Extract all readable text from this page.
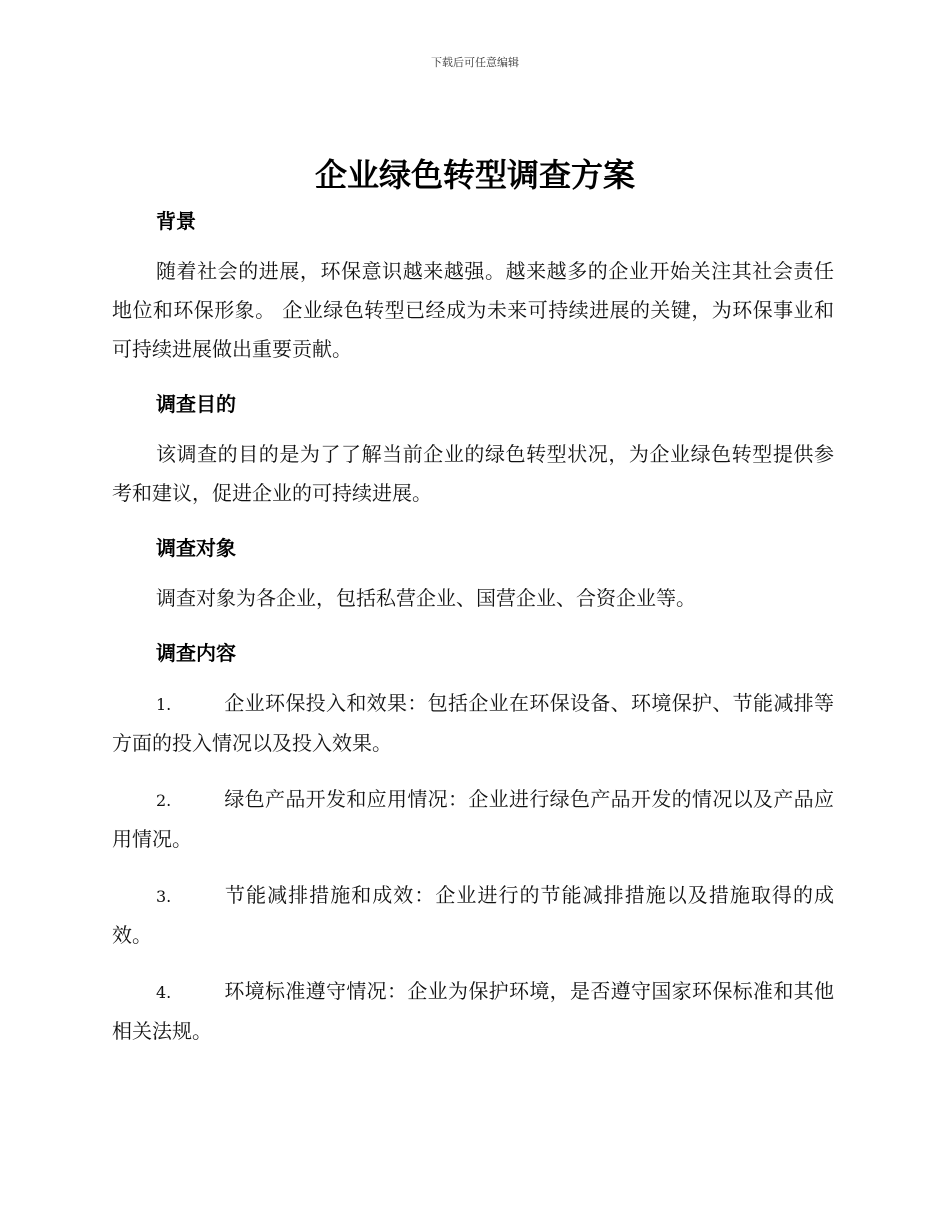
下载后可任意编辑
企业绿色转型调查方案
背景

随着社会的进展，环保意识越来越强。越来越多的企业开始关注其社会责任地位和环保形象。 企业绿色转型已经成为未来可持续进展的关键，为环保事业和可持续进展做出重要贡献。

调查目的

该调查的目的是为了了解当前企业的绿色转型状况，为企业绿色转型提供参考和建议，促进企业的可持续进展。

调查对象

调查对象为各企业，包括私营企业、国营企业、合资企业等。

调查内容

1.	企业环保投入和效果：包括企业在环保设备、环境保护、节能减排等方面的投入情况以及投入效果。

2.	绿色产品开发和应用情况：企业进行绿色产品开发的情况以及产品应用情况。

3.	节能减排措施和成效：企业进行的节能减排措施以及措施取得的成效。

4.	环境标准遵守情况：企业为保护环境，是否遵守国家环保标准和其他相关法规。
